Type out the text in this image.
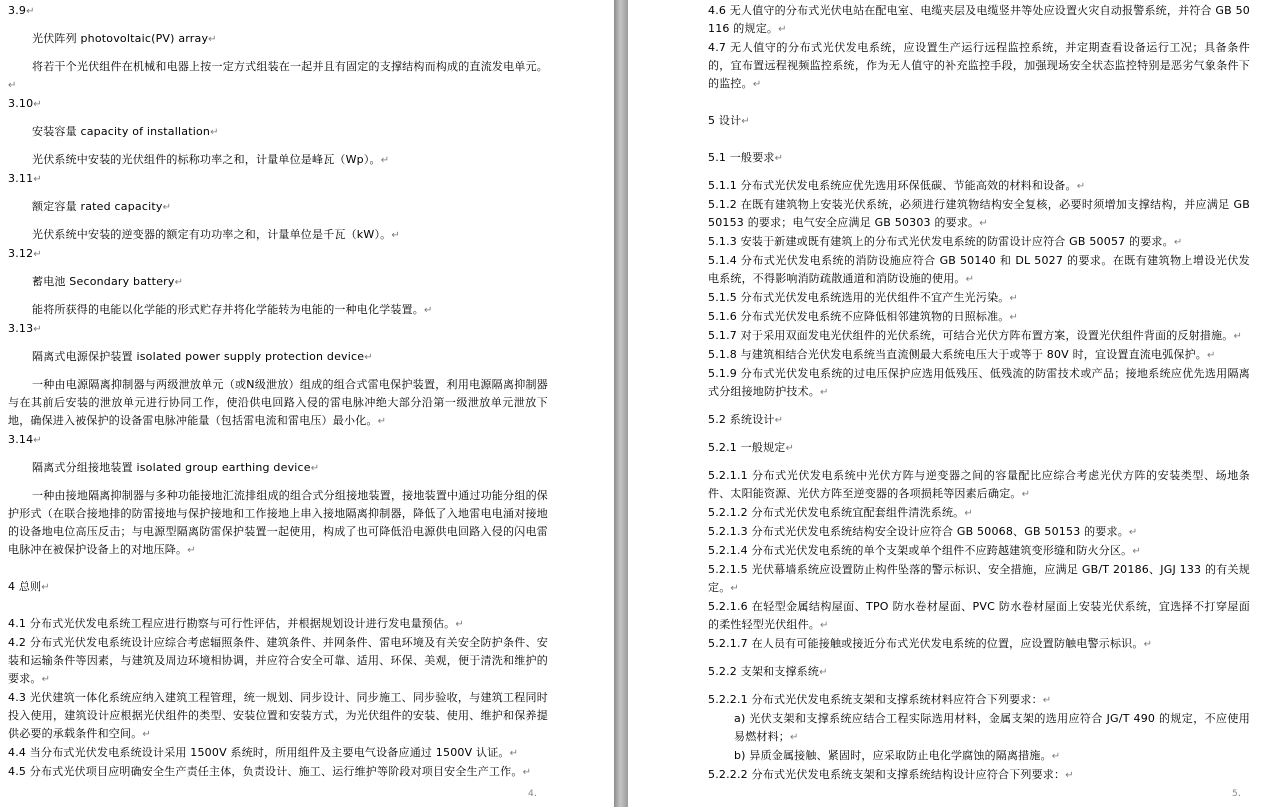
3.9↵

光伏阵列 photovoltaic(PV) array↵

将若干个光伏组件在机械和电器上按一定方式组装在一起并且有固定的支撑结构而构成的直流发电单元。↵

3.10↵

安装容量 capacity of installation↵

光伏系统中安装的光伏组件的标称功率之和，计量单位是峰瓦（Wp）。↵

3.11↵

额定容量 rated capacity↵

光伏系统中安装的逆变器的额定有功功率之和，计量单位是千瓦（kW）。↵

3.12↵

蓄电池 Secondary battery↵

能将所获得的电能以化学能的形式贮存并将化学能转为电能的一种电化学装置。↵

3.13↵

隔离式电源保护装置 isolated power supply protection device↵

一种由电源隔离抑制器与两级泄放单元（或N级泄放）组成的组合式雷电保护装置，利用电源隔离抑制器与在其前后安装的泄放单元进行协同工作，使沿供电回路入侵的雷电脉冲绝大部分沿第一级泄放单元泄放下地，确保进入被保护的设备雷电脉冲能量（包括雷电流和雷电压）最小化。↵

3.14↵

隔离式分组接地装置 isolated group earthing device↵

一种由接地隔离抑制器与多种功能接地汇流排组成的组合式分组接地装置，接地装置中通过功能分组的保护形式（在联合接地排的防雷接地与保护接地和工作接地上串入接地隔离抑制器，降低了入地雷电电涌对接地的设备地电位高压反击；与电源型隔离防雷保护装置一起使用，构成了也可降低沿电源供电回路入侵的闪电雷电脉冲在被保护设备上的对地压降。↵

4 总则↵

4.1 分布式光伏发电系统工程应进行勘察与可行性评估，并根据规划设计进行发电量预估。↵

4.2 分布式光伏发电系统设计应综合考虑辐照条件、建筑条件、并网条件、雷电环境及有关安全防护条件、安装和运输条件等因素，与建筑及周边环境相协调，并应符合安全可靠、适用、环保、美观，便于清洗和维护的要求。↵

4.3 光伏建筑一体化系统应纳入建筑工程管理，统一规划、同步设计、同步施工、同步验收，与建筑工程同时投入使用，建筑设计应根据光伏组件的类型、安装位置和安装方式，为光伏组件的安装、使用、维护和保养提供必要的承载条件和空间。↵

4.4 当分布式光伏发电系统设计采用 1500V 系统时，所用组件及主要电气设备应通过 1500V 认证。↵

4.5 分布式光伏项目应明确安全生产责任主体，负责设计、施工、运行维护等阶段对项目安全生产工作。↵

4.

4.6 无人值守的分布式光伏电站在配电室、电缆夹层及电缆竖井等处应设置火灾自动报警系统，并符合 GB 50116 的规定。↵

4.7 无人值守的分布式光伏发电系统，应设置生产运行远程监控系统，并定期查看设备运行工况；具备条件的，宜布置远程视频监控系统，作为无人值守的补充监控手段，加强现场安全状态监控特别是恶劣气象条件下的监控。↵

5 设计↵

5.1 一般要求↵

5.1.1 分布式光伏发电系统应优先选用环保低碳、节能高效的材料和设备。↵

5.1.2 在既有建筑物上安装光伏系统，必须进行建筑物结构安全复核，必要时须增加支撑结构，并应满足 GB 50153 的要求；电气安全应满足 GB 50303 的要求。↵

5.1.3 安装于新建或既有建筑上的分布式光伏发电系统的防雷设计应符合 GB 50057 的要求。↵

5.1.4 分布式光伏发电系统的消防设施应符合 GB 50140 和 DL 5027 的要求。在既有建筑物上增设光伏发电系统，不得影响消防疏散通道和消防设施的使用。↵

5.1.5 分布式光伏发电系统选用的光伏组件不宜产生光污染。↵

5.1.6 分布式光伏发电系统不应降低相邻建筑物的日照标准。↵

5.1.7 对于采用双面发电光伏组件的光伏系统，可结合光伏方阵布置方案，设置光伏组件背面的反射措施。↵

5.1.8 与建筑相结合光伏发电系统当直流侧最大系统电压大于或等于 80V 时，宜设置直流电弧保护。↵

5.1.9 分布式光伏发电系统的过电压保护应选用低残压、低残流的防雷技术或产品；接地系统应优先选用隔离式分组接地防护技术。↵

5.2 系统设计↵

5.2.1 一般规定↵

5.2.1.1 分布式光伏发电系统中光伏方阵与逆变器之间的容量配比应综合考虑光伏方阵的安装类型、场地条件、太阳能资源、光伏方阵至逆变器的各项损耗等因素后确定。↵

5.2.1.2 分布式光伏发电系统宜配套组件清洗系统。↵

5.2.1.3 分布式光伏发电系统结构安全设计应符合 GB 50068、GB 50153 的要求。↵

5.2.1.4 分布式光伏发电系统的单个支架或单个组件不应跨越建筑变形缝和防火分区。↵

5.2.1.5 光伏幕墙系统应设置防止构件坠落的警示标识、安全措施，应满足 GB/T 20186、JGJ 133 的有关规定。↵

5.2.1.6 在轻型金属结构屋面、TPO 防水卷材屋面、PVC 防水卷材屋面上安装光伏系统，宜选择不打穿屋面的柔性轻型光伏组件。↵

5.2.1.7 在人员有可能接触或接近分布式光伏发电系统的位置，应设置防触电警示标识。↵

5.2.2 支架和支撑系统↵

5.2.2.1 分布式光伏发电系统支架和支撑系统材料应符合下列要求：↵

a) 光伏支架和支撑系统应结合工程实际选用材料，金属支架的选用应符合 JG/T 490 的规定，不应使用易燃材料；↵

b) 异质金属接触、紧固时，应采取防止电化学腐蚀的隔离措施。↵

5.2.2.2 分布式光伏发电系统支架和支撑系统结构设计应符合下列要求：↵

5.
